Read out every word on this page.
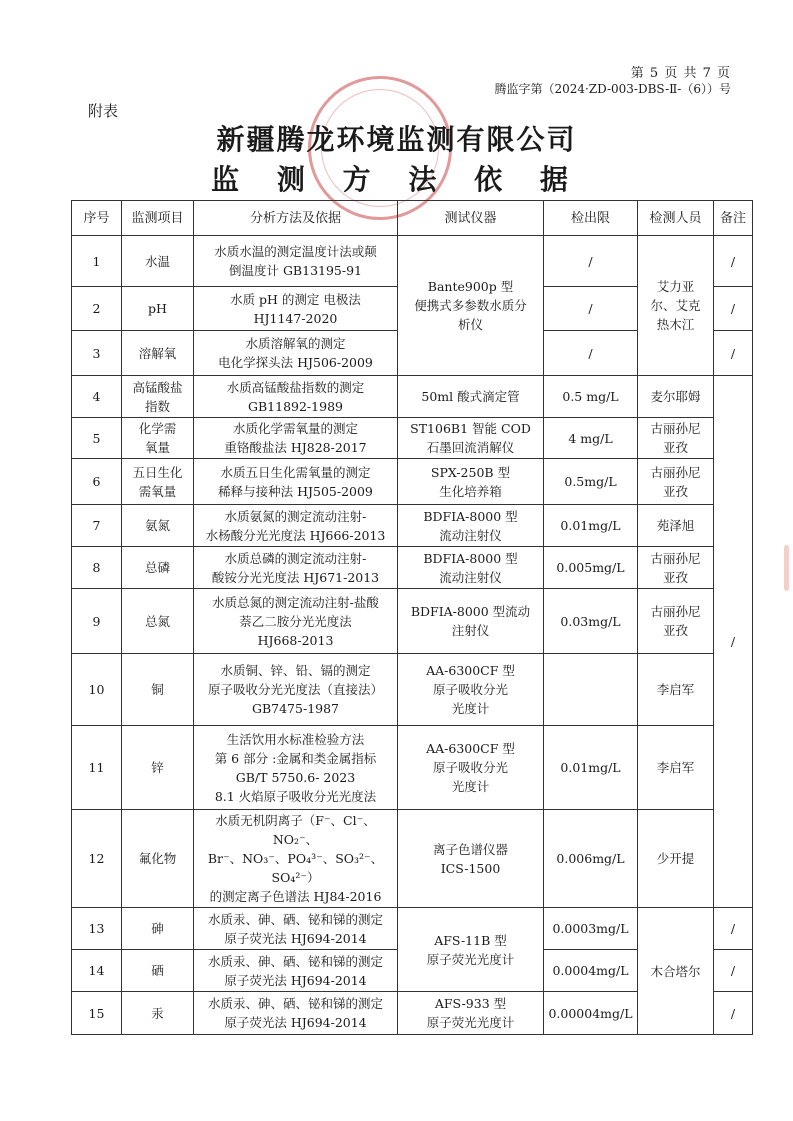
第 5 页 共 7 页
腾监字第（2024·ZD-003-DBS-Ⅱ-（6））号
附表
新疆腾龙环境监测有限公司
监 测 方 法 依 据
序号	监测项目	分析方法及依据	测试仪器	检出限	检测人员	备注
1	水温	水质水温的测定温度计法或颠
倒温度计 GB13195-91	Bante900p 型
便携式多参数水质分
析仪	/	艾力亚
尔、艾克
热木江	/
2	pH	水质 pH 的测定 电极法
HJ1147-2020		/		/
3	溶解氧	水质溶解氧的测定
电化学探头法 HJ506-2009		/		/
4	高锰酸盐
指数	水质高锰酸盐指数的测定
GB11892-1989	50ml 酸式滴定管	0.5 mg/L	麦尔耶姆	/
5	化学需
氧量	水质化学需氧量的测定
重铬酸盐法 HJ828-2017	ST106B1 智能 COD
石墨回流消解仪	4 mg/L	古丽孙尼
亚孜	
6	五日生化
需氧量	水质五日生化需氧量的测定
稀释与接种法 HJ505-2009	SPX-250B 型
生化培养箱	0.5mg/L	古丽孙尼
亚孜	
7	氨氮	水质氨氮的测定流动注射-
水杨酸分光光度法 HJ666-2013	BDFIA-8000 型
流动注射仪	0.01mg/L	苑泽旭	
8	总磷	水质总磷的测定流动注射-
酸铵分光光度法 HJ671-2013	BDFIA-8000 型
流动注射仪	0.005mg/L	古丽孙尼
亚孜	
9	总氮	水质总氮的测定流动注射-盐酸
萘乙二胺分光光度法
HJ668-2013	BDFIA-8000 型流动
注射仪	0.03mg/L	古丽孙尼
亚孜	
10	铜	水质铜、锌、铅、镉的测定
原子吸收分光光度法（直接法）
GB7475-1987	AA-6300CF 型
原子吸收分光
光度计		李启军	
11	锌	生活饮用水标准检验方法
第 6 部分 :金属和类金属指标
GB/T 5750.6- 2023
8.1 火焰原子吸收分光光度法	AA-6300CF 型
原子吸收分光
光度计	0.01mg/L	李启军	
12	氟化物	水质无机阴离子（F⁻、Cl⁻、NO₂⁻、
Br⁻、NO₃⁻、PO₄³⁻、SO₃²⁻、SO₄²⁻）
的测定离子色谱法 HJ84-2016	离子色谱仪器
ICS-1500	0.006mg/L	少开提	
13	砷	水质汞、砷、硒、铋和锑的测定
原子荧光法 HJ694-2014	AFS-11B 型
原子荧光光度计	0.0003mg/L	木合塔尔	/
14	硒	水质汞、砷、硒、铋和锑的测定
原子荧光法 HJ694-2014		0.0004mg/L		/
15	汞	水质汞、砷、硒、铋和锑的测定
原子荧光法 HJ694-2014	AFS-933 型
原子荧光光度计	0.00004mg/L		/
